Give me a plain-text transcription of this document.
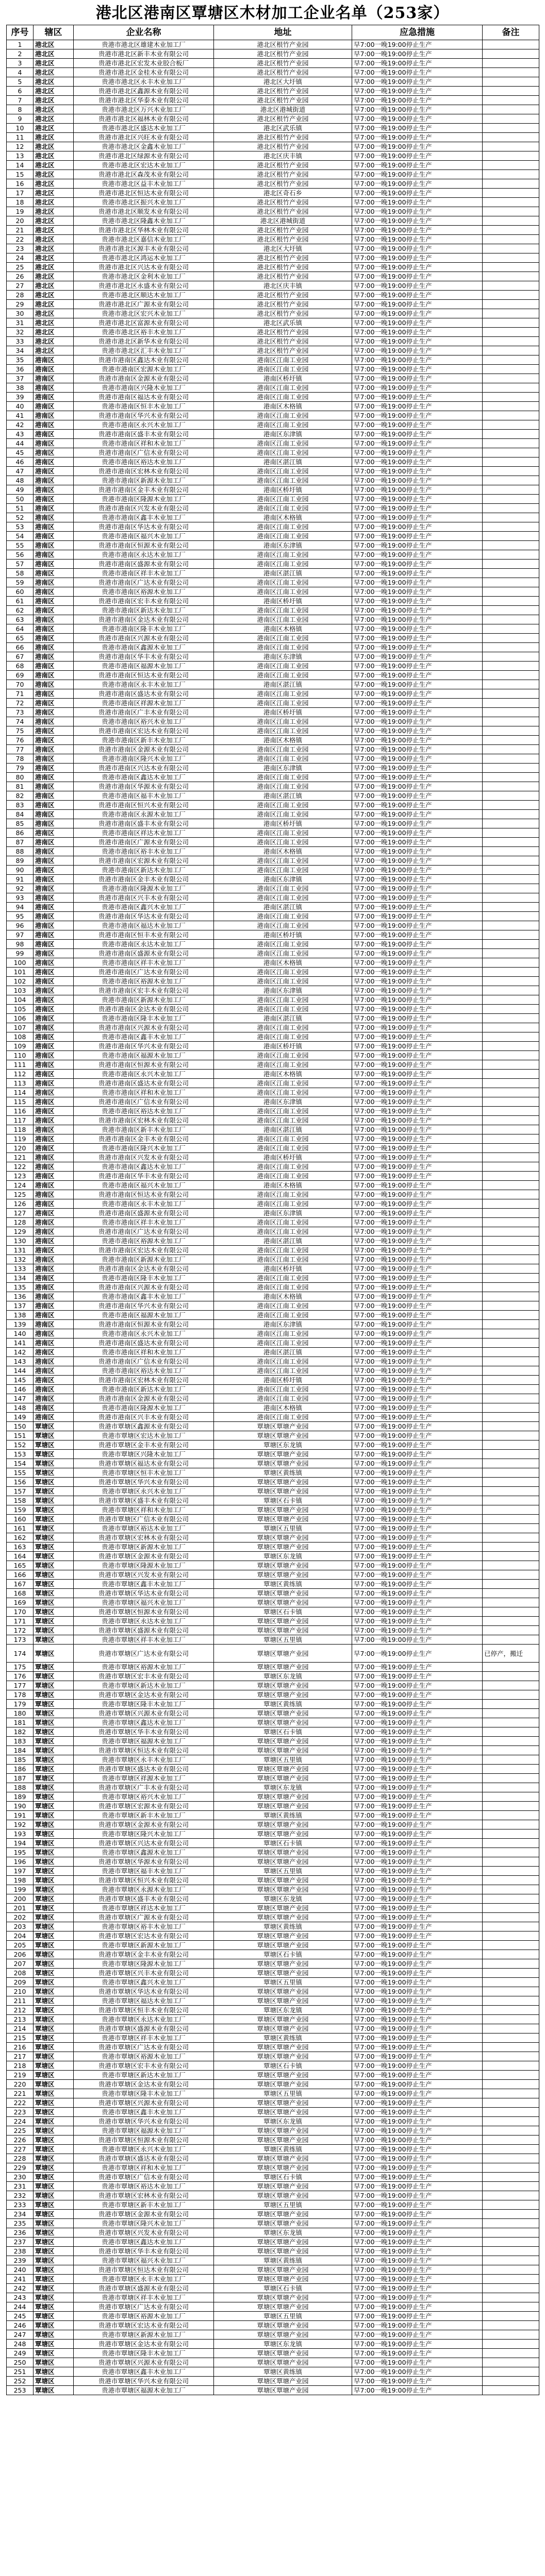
港北区港南区覃塘区木材加工企业名单（253家）
序号	辖区	企业名称	地址	应急措施	备注
1	港北区	贵港市港北区雄建木业加工厂	港北区根竹产业园	早7:00一晚19:00停止生产	
2	港北区	贵港市港北区新丰木业有限公司	港北区根竹产业园	早7:00一晚19:00停止生产	
3	港北区	贵港市港北区宏发木业胶合板厂	港北区根竹产业园	早7:00一晚19:00停止生产	
4	港北区	贵港市港北区金桂木业有限公司	港北区根竹产业园	早7:00一晚19:00停止生产	
5	港北区	贵港市港北区永丰木业加工厂	港北区大圩镇	早7:00一晚19:00停止生产	
6	港北区	贵港市港北区鑫源木业有限公司	港北区根竹产业园	早7:00一晚19:00停止生产	
7	港北区	贵港市港北区华泰木业有限公司	港北区根竹产业园	早7:00一晚19:00停止生产	
8	港北区	贵港市港北区万兴木业加工厂	港北区港城街道	早7:00一晚19:00停止生产	
9	港北区	贵港市港北区福林木业有限公司	港北区根竹产业园	早7:00一晚19:00停止生产	
10	港北区	贵港市港北区盛达木业加工厂	港北区武乐镇	早7:00一晚19:00停止生产	
11	港北区	贵港市港北区兴旺木业有限公司	港北区根竹产业园	早7:00一晚19:00停止生产	
12	港北区	贵港市港北区金鑫木业加工厂	港北区根竹产业园	早7:00一晚19:00停止生产	
13	港北区	贵港市港北区绿源木业有限公司	港北区庆丰镇	早7:00一晚19:00停止生产	
14	港北区	贵港市港北区宏达木业加工厂	港北区根竹产业园	早7:00一晚19:00停止生产	
15	港北区	贵港市港北区森茂木业有限公司	港北区根竹产业园	早7:00一晚19:00停止生产	
16	港北区	贵港市港北区益丰木业加工厂	港北区根竹产业园	早7:00一晚19:00停止生产	
17	港北区	贵港市港北区恒达木业有限公司	港北区奇石乡	早7:00一晚19:00停止生产	
18	港北区	贵港市港北区振兴木业加工厂	港北区根竹产业园	早7:00一晚19:00停止生产	
19	港北区	贵港市港北区顺发木业有限公司	港北区根竹产业园	早7:00一晚19:00停止生产	
20	港北区	贵港市港北区隆鑫木业加工厂	港北区港城街道	早7:00一晚19:00停止生产	
21	港北区	贵港市港北区华林木业有限公司	港北区根竹产业园	早7:00一晚19:00停止生产	
22	港北区	贵港市港北区嘉信木业加工厂	港北区根竹产业园	早7:00一晚19:00停止生产	
23	港北区	贵港市港北区源丰木业有限公司	港北区大圩镇	早7:00一晚19:00停止生产	
24	港北区	贵港市港北区鸿运木业加工厂	港北区根竹产业园	早7:00一晚19:00停止生产	
25	港北区	贵港市港北区兴达木业有限公司	港北区根竹产业园	早7:00一晚19:00停止生产	
26	港北区	贵港市港北区金利木业加工厂	港北区根竹产业园	早7:00一晚19:00停止生产	
27	港北区	贵港市港北区永盛木业有限公司	港北区庆丰镇	早7:00一晚19:00停止生产	
28	港北区	贵港市港北区顺达木业加工厂	港北区根竹产业园	早7:00一晚19:00停止生产	
29	港北区	贵港市港北区广源木业有限公司	港北区根竹产业园	早7:00一晚19:00停止生产	
30	港北区	贵港市港北区宏兴木业加工厂	港北区根竹产业园	早7:00一晚19:00停止生产	
31	港北区	贵港市港北区富源木业有限公司	港北区武乐镇	早7:00一晚19:00停止生产	
32	港北区	贵港市港北区裕丰木业加工厂	港北区根竹产业园	早7:00一晚19:00停止生产	
33	港北区	贵港市港北区新华木业有限公司	港北区根竹产业园	早7:00一晚19:00停止生产	
34	港北区	贵港市港北区汇丰木业加工厂	港北区根竹产业园	早7:00一晚19:00停止生产	
35	港南区	贵港市港南区鑫达木业有限公司	港南区江南工业园	早7:00一晚19:00停止生产	
36	港南区	贵港市港南区宏源木业加工厂	港南区江南工业园	早7:00一晚19:00停止生产	
37	港南区	贵港市港南区金源木业有限公司	港南区桥圩镇	早7:00一晚19:00停止生产	
38	港南区	贵港市港南区兴隆木业加工厂	港南区江南工业园	早7:00一晚19:00停止生产	
39	港南区	贵港市港南区福达木业有限公司	港南区江南工业园	早7:00一晚19:00停止生产	
40	港南区	贵港市港南区恒丰木业加工厂	港南区木格镇	早7:00一晚19:00停止生产	
41	港南区	贵港市港南区华兴木业有限公司	港南区江南工业园	早7:00一晚19:00停止生产	
42	港南区	贵港市港南区永兴木业加工厂	港南区江南工业园	早7:00一晚19:00停止生产	
43	港南区	贵港市港南区盛丰木业有限公司	港南区东津镇	早7:00一晚19:00停止生产	
44	港南区	贵港市港南区祥和木业加工厂	港南区江南工业园	早7:00一晚19:00停止生产	
45	港南区	贵港市港南区广信木业有限公司	港南区江南工业园	早7:00一晚19:00停止生产	
46	港南区	贵港市港南区裕达木业加工厂	港南区湛江镇	早7:00一晚19:00停止生产	
47	港南区	贵港市港南区宏林木业有限公司	港南区江南工业园	早7:00一晚19:00停止生产	
48	港南区	贵港市港南区新源木业加工厂	港南区江南工业园	早7:00一晚19:00停止生产	
49	港南区	贵港市港南区金丰木业有限公司	港南区桥圩镇	早7:00一晚19:00停止生产	
50	港南区	贵港市港南区隆源木业加工厂	港南区江南工业园	早7:00一晚19:00停止生产	
51	港南区	贵港市港南区兴发木业有限公司	港南区江南工业园	早7:00一晚19:00停止生产	
52	港南区	贵港市港南区鑫丰木业加工厂	港南区木格镇	早7:00一晚19:00停止生产	
53	港南区	贵港市港南区华达木业有限公司	港南区江南工业园	早7:00一晚19:00停止生产	
54	港南区	贵港市港南区福兴木业加工厂	港南区江南工业园	早7:00一晚19:00停止生产	
55	港南区	贵港市港南区恒源木业有限公司	港南区东津镇	早7:00一晚19:00停止生产	
56	港南区	贵港市港南区永达木业加工厂	港南区江南工业园	早7:00一晚19:00停止生产	
57	港南区	贵港市港南区盛源木业有限公司	港南区江南工业园	早7:00一晚19:00停止生产	
58	港南区	贵港市港南区祥丰木业加工厂	港南区湛江镇	早7:00一晚19:00停止生产	
59	港南区	贵港市港南区广达木业有限公司	港南区江南工业园	早7:00一晚19:00停止生产	
60	港南区	贵港市港南区裕源木业加工厂	港南区江南工业园	早7:00一晚19:00停止生产	
61	港南区	贵港市港南区宏丰木业有限公司	港南区桥圩镇	早7:00一晚19:00停止生产	
62	港南区	贵港市港南区新达木业加工厂	港南区江南工业园	早7:00一晚19:00停止生产	
63	港南区	贵港市港南区金达木业有限公司	港南区江南工业园	早7:00一晚19:00停止生产	
64	港南区	贵港市港南区隆丰木业加工厂	港南区木格镇	早7:00一晚19:00停止生产	
65	港南区	贵港市港南区兴源木业有限公司	港南区江南工业园	早7:00一晚19:00停止生产	
66	港南区	贵港市港南区鑫源木业加工厂	港南区江南工业园	早7:00一晚19:00停止生产	
67	港南区	贵港市港南区华丰木业有限公司	港南区东津镇	早7:00一晚19:00停止生产	
68	港南区	贵港市港南区福源木业加工厂	港南区江南工业园	早7:00一晚19:00停止生产	
69	港南区	贵港市港南区恒达木业有限公司	港南区江南工业园	早7:00一晚19:00停止生产	
70	港南区	贵港市港南区永丰木业加工厂	港南区湛江镇	早7:00一晚19:00停止生产	
71	港南区	贵港市港南区盛达木业有限公司	港南区江南工业园	早7:00一晚19:00停止生产	
72	港南区	贵港市港南区祥源木业加工厂	港南区江南工业园	早7:00一晚19:00停止生产	
73	港南区	贵港市港南区广丰木业有限公司	港南区桥圩镇	早7:00一晚19:00停止生产	
74	港南区	贵港市港南区裕兴木业加工厂	港南区江南工业园	早7:00一晚19:00停止生产	
75	港南区	贵港市港南区宏达木业有限公司	港南区江南工业园	早7:00一晚19:00停止生产	
76	港南区	贵港市港南区新丰木业加工厂	港南区木格镇	早7:00一晚19:00停止生产	
77	港南区	贵港市港南区金源木业有限公司	港南区江南工业园	早7:00一晚19:00停止生产	
78	港南区	贵港市港南区隆兴木业加工厂	港南区江南工业园	早7:00一晚19:00停止生产	
79	港南区	贵港市港南区兴达木业有限公司	港南区东津镇	早7:00一晚19:00停止生产	
80	港南区	贵港市港南区鑫达木业加工厂	港南区江南工业园	早7:00一晚19:00停止生产	
81	港南区	贵港市港南区华源木业有限公司	港南区江南工业园	早7:00一晚19:00停止生产	
82	港南区	贵港市港南区福丰木业加工厂	港南区湛江镇	早7:00一晚19:00停止生产	
83	港南区	贵港市港南区恒兴木业有限公司	港南区江南工业园	早7:00一晚19:00停止生产	
84	港南区	贵港市港南区永源木业加工厂	港南区江南工业园	早7:00一晚19:00停止生产	
85	港南区	贵港市港南区盛丰木业有限公司	港南区桥圩镇	早7:00一晚19:00停止生产	
86	港南区	贵港市港南区祥达木业加工厂	港南区江南工业园	早7:00一晚19:00停止生产	
87	港南区	贵港市港南区广源木业有限公司	港南区江南工业园	早7:00一晚19:00停止生产	
88	港南区	贵港市港南区裕丰木业加工厂	港南区木格镇	早7:00一晚19:00停止生产	
89	港南区	贵港市港南区宏源木业有限公司	港南区江南工业园	早7:00一晚19:00停止生产	
90	港南区	贵港市港南区新达木业加工厂	港南区江南工业园	早7:00一晚19:00停止生产	
91	港南区	贵港市港南区金丰木业有限公司	港南区东津镇	早7:00一晚19:00停止生产	
92	港南区	贵港市港南区隆源木业加工厂	港南区江南工业园	早7:00一晚19:00停止生产	
93	港南区	贵港市港南区兴丰木业有限公司	港南区江南工业园	早7:00一晚19:00停止生产	
94	港南区	贵港市港南区鑫兴木业加工厂	港南区湛江镇	早7:00一晚19:00停止生产	
95	港南区	贵港市港南区华达木业有限公司	港南区江南工业园	早7:00一晚19:00停止生产	
96	港南区	贵港市港南区福达木业加工厂	港南区江南工业园	早7:00一晚19:00停止生产	
97	港南区	贵港市港南区恒丰木业有限公司	港南区桥圩镇	早7:00一晚19:00停止生产	
98	港南区	贵港市港南区永达木业加工厂	港南区江南工业园	早7:00一晚19:00停止生产	
99	港南区	贵港市港南区盛源木业有限公司	港南区江南工业园	早7:00一晚19:00停止生产	
100	港南区	贵港市港南区祥丰木业加工厂	港南区木格镇	早7:00一晚19:00停止生产	
101	港南区	贵港市港南区广达木业有限公司	港南区江南工业园	早7:00一晚19:00停止生产	
102	港南区	贵港市港南区裕源木业加工厂	港南区江南工业园	早7:00一晚19:00停止生产	
103	港南区	贵港市港南区宏丰木业有限公司	港南区东津镇	早7:00一晚19:00停止生产	
104	港南区	贵港市港南区新源木业加工厂	港南区江南工业园	早7:00一晚19:00停止生产	
105	港南区	贵港市港南区金达木业有限公司	港南区江南工业园	早7:00一晚19:00停止生产	
106	港南区	贵港市港南区隆丰木业加工厂	港南区湛江镇	早7:00一晚19:00停止生产	
107	港南区	贵港市港南区兴源木业有限公司	港南区江南工业园	早7:00一晚19:00停止生产	
108	港南区	贵港市港南区鑫丰木业加工厂	港南区江南工业园	早7:00一晚19:00停止生产	
109	港南区	贵港市港南区华兴木业有限公司	港南区桥圩镇	早7:00一晚19:00停止生产	
110	港南区	贵港市港南区福源木业加工厂	港南区江南工业园	早7:00一晚19:00停止生产	
111	港南区	贵港市港南区恒源木业有限公司	港南区江南工业园	早7:00一晚19:00停止生产	
112	港南区	贵港市港南区永兴木业加工厂	港南区木格镇	早7:00一晚19:00停止生产	
113	港南区	贵港市港南区盛达木业有限公司	港南区江南工业园	早7:00一晚19:00停止生产	
114	港南区	贵港市港南区祥和木业加工厂	港南区江南工业园	早7:00一晚19:00停止生产	
115	港南区	贵港市港南区广信木业有限公司	港南区东津镇	早7:00一晚19:00停止生产	
116	港南区	贵港市港南区裕达木业加工厂	港南区江南工业园	早7:00一晚19:00停止生产	
117	港南区	贵港市港南区宏林木业有限公司	港南区江南工业园	早7:00一晚19:00停止生产	
118	港南区	贵港市港南区新丰木业加工厂	港南区湛江镇	早7:00一晚19:00停止生产	
119	港南区	贵港市港南区金丰木业有限公司	港南区江南工业园	早7:00一晚19:00停止生产	
120	港南区	贵港市港南区隆兴木业加工厂	港南区江南工业园	早7:00一晚19:00停止生产	
121	港南区	贵港市港南区兴发木业有限公司	港南区桥圩镇	早7:00一晚19:00停止生产	
122	港南区	贵港市港南区鑫达木业加工厂	港南区江南工业园	早7:00一晚19:00停止生产	
123	港南区	贵港市港南区华丰木业有限公司	港南区江南工业园	早7:00一晚19:00停止生产	
124	港南区	贵港市港南区福兴木业加工厂	港南区木格镇	早7:00一晚19:00停止生产	
125	港南区	贵港市港南区恒达木业有限公司	港南区江南工业园	早7:00一晚19:00停止生产	
126	港南区	贵港市港南区永丰木业加工厂	港南区江南工业园	早7:00一晚19:00停止生产	
127	港南区	贵港市港南区盛源木业有限公司	港南区东津镇	早7:00一晚19:00停止生产	
128	港南区	贵港市港南区祥丰木业加工厂	港南区江南工业园	早7:00一晚19:00停止生产	
129	港南区	贵港市港南区广达木业有限公司	港南区江南工业园	早7:00一晚19:00停止生产	
130	港南区	贵港市港南区裕源木业加工厂	港南区湛江镇	早7:00一晚19:00停止生产	
131	港南区	贵港市港南区宏达木业有限公司	港南区江南工业园	早7:00一晚19:00停止生产	
132	港南区	贵港市港南区新源木业加工厂	港南区江南工业园	早7:00一晚19:00停止生产	
133	港南区	贵港市港南区金达木业有限公司	港南区桥圩镇	早7:00一晚19:00停止生产	
134	港南区	贵港市港南区隆丰木业加工厂	港南区江南工业园	早7:00一晚19:00停止生产	
135	港南区	贵港市港南区兴源木业有限公司	港南区江南工业园	早7:00一晚19:00停止生产	
136	港南区	贵港市港南区鑫丰木业加工厂	港南区木格镇	早7:00一晚19:00停止生产	
137	港南区	贵港市港南区华兴木业有限公司	港南区江南工业园	早7:00一晚19:00停止生产	
138	港南区	贵港市港南区福源木业加工厂	港南区江南工业园	早7:00一晚19:00停止生产	
139	港南区	贵港市港南区恒源木业有限公司	港南区东津镇	早7:00一晚19:00停止生产	
140	港南区	贵港市港南区永兴木业加工厂	港南区江南工业园	早7:00一晚19:00停止生产	
141	港南区	贵港市港南区盛达木业有限公司	港南区江南工业园	早7:00一晚19:00停止生产	
142	港南区	贵港市港南区祥和木业加工厂	港南区湛江镇	早7:00一晚19:00停止生产	
143	港南区	贵港市港南区广信木业有限公司	港南区江南工业园	早7:00一晚19:00停止生产	
144	港南区	贵港市港南区裕达木业加工厂	港南区江南工业园	早7:00一晚19:00停止生产	
145	港南区	贵港市港南区宏林木业有限公司	港南区桥圩镇	早7:00一晚19:00停止生产	
146	港南区	贵港市港南区新达木业加工厂	港南区江南工业园	早7:00一晚19:00停止生产	
147	港南区	贵港市港南区金源木业有限公司	港南区江南工业园	早7:00一晚19:00停止生产	
148	港南区	贵港市港南区隆源木业加工厂	港南区木格镇	早7:00一晚19:00停止生产	
149	港南区	贵港市港南区兴丰木业有限公司	港南区江南工业园	早7:00一晚19:00停止生产	
150	覃塘区	贵港市覃塘区鑫源木业有限公司	覃塘区覃塘产业园	早7:00一晚19:00停止生产	
151	覃塘区	贵港市覃塘区宏达木业加工厂	覃塘区覃塘产业园	早7:00一晚19:00停止生产	
152	覃塘区	贵港市覃塘区金丰木业有限公司	覃塘区东龙镇	早7:00一晚19:00停止生产	
153	覃塘区	贵港市覃塘区兴隆木业加工厂	覃塘区覃塘产业园	早7:00一晚19:00停止生产	
154	覃塘区	贵港市覃塘区福达木业有限公司	覃塘区覃塘产业园	早7:00一晚19:00停止生产	
155	覃塘区	贵港市覃塘区恒丰木业加工厂	覃塘区黄练镇	早7:00一晚19:00停止生产	
156	覃塘区	贵港市覃塘区华兴木业有限公司	覃塘区覃塘产业园	早7:00一晚19:00停止生产	
157	覃塘区	贵港市覃塘区永兴木业加工厂	覃塘区覃塘产业园	早7:00一晚19:00停止生产	
158	覃塘区	贵港市覃塘区盛丰木业有限公司	覃塘区石卡镇	早7:00一晚19:00停止生产	
159	覃塘区	贵港市覃塘区祥和木业加工厂	覃塘区覃塘产业园	早7:00一晚19:00停止生产	
160	覃塘区	贵港市覃塘区广信木业有限公司	覃塘区覃塘产业园	早7:00一晚19:00停止生产	
161	覃塘区	贵港市覃塘区裕达木业加工厂	覃塘区五里镇	早7:00一晚19:00停止生产	
162	覃塘区	贵港市覃塘区宏林木业有限公司	覃塘区覃塘产业园	早7:00一晚19:00停止生产	
163	覃塘区	贵港市覃塘区新源木业加工厂	覃塘区覃塘产业园	早7:00一晚19:00停止生产	
164	覃塘区	贵港市覃塘区金源木业有限公司	覃塘区东龙镇	早7:00一晚19:00停止生产	
165	覃塘区	贵港市覃塘区隆源木业加工厂	覃塘区覃塘产业园	早7:00一晚19:00停止生产	
166	覃塘区	贵港市覃塘区兴发木业有限公司	覃塘区覃塘产业园	早7:00一晚19:00停止生产	
167	覃塘区	贵港市覃塘区鑫丰木业加工厂	覃塘区黄练镇	早7:00一晚19:00停止生产	
168	覃塘区	贵港市覃塘区华达木业有限公司	覃塘区覃塘产业园	早7:00一晚19:00停止生产	
169	覃塘区	贵港市覃塘区福兴木业加工厂	覃塘区覃塘产业园	早7:00一晚19:00停止生产	
170	覃塘区	贵港市覃塘区恒源木业有限公司	覃塘区石卡镇	早7:00一晚19:00停止生产	
171	覃塘区	贵港市覃塘区永达木业加工厂	覃塘区覃塘产业园	早7:00一晚19:00停止生产	
172	覃塘区	贵港市覃塘区盛源木业有限公司	覃塘区覃塘产业园	早7:00一晚19:00停止生产	
173	覃塘区	贵港市覃塘区祥丰木业加工厂	覃塘区五里镇	早7:00一晚19:00停止生产	
174	覃塘区	贵港市覃塘区广达木业有限公司	覃塘区覃塘产业园	早7:00一晚19:00停止生产	已停产，搬迁
175	覃塘区	贵港市覃塘区裕源木业加工厂	覃塘区覃塘产业园	早7:00一晚19:00停止生产	
176	覃塘区	贵港市覃塘区宏丰木业有限公司	覃塘区东龙镇	早7:00一晚19:00停止生产	
177	覃塘区	贵港市覃塘区新达木业加工厂	覃塘区覃塘产业园	早7:00一晚19:00停止生产	
178	覃塘区	贵港市覃塘区金达木业有限公司	覃塘区覃塘产业园	早7:00一晚19:00停止生产	
179	覃塘区	贵港市覃塘区隆丰木业加工厂	覃塘区黄练镇	早7:00一晚19:00停止生产	
180	覃塘区	贵港市覃塘区兴源木业有限公司	覃塘区覃塘产业园	早7:00一晚19:00停止生产	
181	覃塘区	贵港市覃塘区鑫达木业加工厂	覃塘区覃塘产业园	早7:00一晚19:00停止生产	
182	覃塘区	贵港市覃塘区华丰木业有限公司	覃塘区石卡镇	早7:00一晚19:00停止生产	
183	覃塘区	贵港市覃塘区福源木业加工厂	覃塘区覃塘产业园	早7:00一晚19:00停止生产	
184	覃塘区	贵港市覃塘区恒达木业有限公司	覃塘区覃塘产业园	早7:00一晚19:00停止生产	
185	覃塘区	贵港市覃塘区永丰木业加工厂	覃塘区五里镇	早7:00一晚19:00停止生产	
186	覃塘区	贵港市覃塘区盛达木业有限公司	覃塘区覃塘产业园	早7:00一晚19:00停止生产	
187	覃塘区	贵港市覃塘区祥源木业加工厂	覃塘区覃塘产业园	早7:00一晚19:00停止生产	
188	覃塘区	贵港市覃塘区广丰木业有限公司	覃塘区东龙镇	早7:00一晚19:00停止生产	
189	覃塘区	贵港市覃塘区裕兴木业加工厂	覃塘区覃塘产业园	早7:00一晚19:00停止生产	
190	覃塘区	贵港市覃塘区宏源木业有限公司	覃塘区覃塘产业园	早7:00一晚19:00停止生产	
191	覃塘区	贵港市覃塘区新丰木业加工厂	覃塘区黄练镇	早7:00一晚19:00停止生产	
192	覃塘区	贵港市覃塘区金源木业有限公司	覃塘区覃塘产业园	早7:00一晚19:00停止生产	
193	覃塘区	贵港市覃塘区隆兴木业加工厂	覃塘区覃塘产业园	早7:00一晚19:00停止生产	
194	覃塘区	贵港市覃塘区兴达木业有限公司	覃塘区石卡镇	早7:00一晚19:00停止生产	
195	覃塘区	贵港市覃塘区鑫源木业加工厂	覃塘区覃塘产业园	早7:00一晚19:00停止生产	
196	覃塘区	贵港市覃塘区华源木业有限公司	覃塘区覃塘产业园	早7:00一晚19:00停止生产	
197	覃塘区	贵港市覃塘区福丰木业加工厂	覃塘区五里镇	早7:00一晚19:00停止生产	
198	覃塘区	贵港市覃塘区恒兴木业有限公司	覃塘区覃塘产业园	早7:00一晚19:00停止生产	
199	覃塘区	贵港市覃塘区永源木业加工厂	覃塘区覃塘产业园	早7:00一晚19:00停止生产	
200	覃塘区	贵港市覃塘区盛丰木业有限公司	覃塘区东龙镇	早7:00一晚19:00停止生产	
201	覃塘区	贵港市覃塘区祥达木业加工厂	覃塘区覃塘产业园	早7:00一晚19:00停止生产	
202	覃塘区	贵港市覃塘区广源木业有限公司	覃塘区覃塘产业园	早7:00一晚19:00停止生产	
203	覃塘区	贵港市覃塘区裕丰木业加工厂	覃塘区黄练镇	早7:00一晚19:00停止生产	
204	覃塘区	贵港市覃塘区宏达木业有限公司	覃塘区覃塘产业园	早7:00一晚19:00停止生产	
205	覃塘区	贵港市覃塘区新源木业加工厂	覃塘区覃塘产业园	早7:00一晚19:00停止生产	
206	覃塘区	贵港市覃塘区金丰木业有限公司	覃塘区石卡镇	早7:00一晚19:00停止生产	
207	覃塘区	贵港市覃塘区隆源木业加工厂	覃塘区覃塘产业园	早7:00一晚19:00停止生产	
208	覃塘区	贵港市覃塘区兴丰木业有限公司	覃塘区覃塘产业园	早7:00一晚19:00停止生产	
209	覃塘区	贵港市覃塘区鑫兴木业加工厂	覃塘区五里镇	早7:00一晚19:00停止生产	
210	覃塘区	贵港市覃塘区华达木业有限公司	覃塘区覃塘产业园	早7:00一晚19:00停止生产	
211	覃塘区	贵港市覃塘区福达木业加工厂	覃塘区覃塘产业园	早7:00一晚19:00停止生产	
212	覃塘区	贵港市覃塘区恒丰木业有限公司	覃塘区东龙镇	早7:00一晚19:00停止生产	
213	覃塘区	贵港市覃塘区永达木业加工厂	覃塘区覃塘产业园	早7:00一晚19:00停止生产	
214	覃塘区	贵港市覃塘区盛源木业有限公司	覃塘区覃塘产业园	早7:00一晚19:00停止生产	
215	覃塘区	贵港市覃塘区祥丰木业加工厂	覃塘区黄练镇	早7:00一晚19:00停止生产	
216	覃塘区	贵港市覃塘区广达木业有限公司	覃塘区覃塘产业园	早7:00一晚19:00停止生产	
217	覃塘区	贵港市覃塘区裕源木业加工厂	覃塘区覃塘产业园	早7:00一晚19:00停止生产	
218	覃塘区	贵港市覃塘区宏丰木业有限公司	覃塘区石卡镇	早7:00一晚19:00停止生产	
219	覃塘区	贵港市覃塘区新达木业加工厂	覃塘区覃塘产业园	早7:00一晚19:00停止生产	
220	覃塘区	贵港市覃塘区金达木业有限公司	覃塘区覃塘产业园	早7:00一晚19:00停止生产	
221	覃塘区	贵港市覃塘区隆丰木业加工厂	覃塘区五里镇	早7:00一晚19:00停止生产	
222	覃塘区	贵港市覃塘区兴源木业有限公司	覃塘区覃塘产业园	早7:00一晚19:00停止生产	
223	覃塘区	贵港市覃塘区鑫丰木业加工厂	覃塘区覃塘产业园	早7:00一晚19:00停止生产	
224	覃塘区	贵港市覃塘区华兴木业有限公司	覃塘区东龙镇	早7:00一晚19:00停止生产	
225	覃塘区	贵港市覃塘区福源木业加工厂	覃塘区覃塘产业园	早7:00一晚19:00停止生产	
226	覃塘区	贵港市覃塘区恒源木业有限公司	覃塘区覃塘产业园	早7:00一晚19:00停止生产	
227	覃塘区	贵港市覃塘区永兴木业加工厂	覃塘区黄练镇	早7:00一晚19:00停止生产	
228	覃塘区	贵港市覃塘区盛达木业有限公司	覃塘区覃塘产业园	早7:00一晚19:00停止生产	
229	覃塘区	贵港市覃塘区祥和木业加工厂	覃塘区覃塘产业园	早7:00一晚19:00停止生产	
230	覃塘区	贵港市覃塘区广信木业有限公司	覃塘区石卡镇	早7:00一晚19:00停止生产	
231	覃塘区	贵港市覃塘区裕达木业加工厂	覃塘区覃塘产业园	早7:00一晚19:00停止生产	
232	覃塘区	贵港市覃塘区宏林木业有限公司	覃塘区覃塘产业园	早7:00一晚19:00停止生产	
233	覃塘区	贵港市覃塘区新丰木业加工厂	覃塘区五里镇	早7:00一晚19:00停止生产	
234	覃塘区	贵港市覃塘区金源木业有限公司	覃塘区覃塘产业园	早7:00一晚19:00停止生产	
235	覃塘区	贵港市覃塘区隆兴木业加工厂	覃塘区覃塘产业园	早7:00一晚19:00停止生产	
236	覃塘区	贵港市覃塘区兴发木业有限公司	覃塘区东龙镇	早7:00一晚19:00停止生产	
237	覃塘区	贵港市覃塘区鑫达木业加工厂	覃塘区覃塘产业园	早7:00一晚19:00停止生产	
238	覃塘区	贵港市覃塘区华丰木业有限公司	覃塘区覃塘产业园	早7:00一晚19:00停止生产	
239	覃塘区	贵港市覃塘区福兴木业加工厂	覃塘区黄练镇	早7:00一晚19:00停止生产	
240	覃塘区	贵港市覃塘区恒达木业有限公司	覃塘区覃塘产业园	早7:00一晚19:00停止生产	
241	覃塘区	贵港市覃塘区永丰木业加工厂	覃塘区覃塘产业园	早7:00一晚19:00停止生产	
242	覃塘区	贵港市覃塘区盛源木业有限公司	覃塘区石卡镇	早7:00一晚19:00停止生产	
243	覃塘区	贵港市覃塘区祥丰木业加工厂	覃塘区覃塘产业园	早7:00一晚19:00停止生产	
244	覃塘区	贵港市覃塘区广达木业有限公司	覃塘区覃塘产业园	早7:00一晚19:00停止生产	
245	覃塘区	贵港市覃塘区裕源木业加工厂	覃塘区五里镇	早7:00一晚19:00停止生产	
246	覃塘区	贵港市覃塘区宏达木业有限公司	覃塘区覃塘产业园	早7:00一晚19:00停止生产	
247	覃塘区	贵港市覃塘区新源木业加工厂	覃塘区覃塘产业园	早7:00一晚19:00停止生产	
248	覃塘区	贵港市覃塘区金达木业有限公司	覃塘区东龙镇	早7:00一晚19:00停止生产	
249	覃塘区	贵港市覃塘区隆丰木业加工厂	覃塘区覃塘产业园	早7:00一晚19:00停止生产	
250	覃塘区	贵港市覃塘区兴源木业有限公司	覃塘区覃塘产业园	早7:00一晚19:00停止生产	
251	覃塘区	贵港市覃塘区鑫丰木业加工厂	覃塘区黄练镇	早7:00一晚19:00停止生产	
252	覃塘区	贵港市覃塘区华兴木业有限公司	覃塘区覃塘产业园	早7:00一晚19:00停止生产	
253	覃塘区	贵港市覃塘区福源木业加工厂	覃塘区覃塘产业园	早7:00一晚19:00停止生产	
